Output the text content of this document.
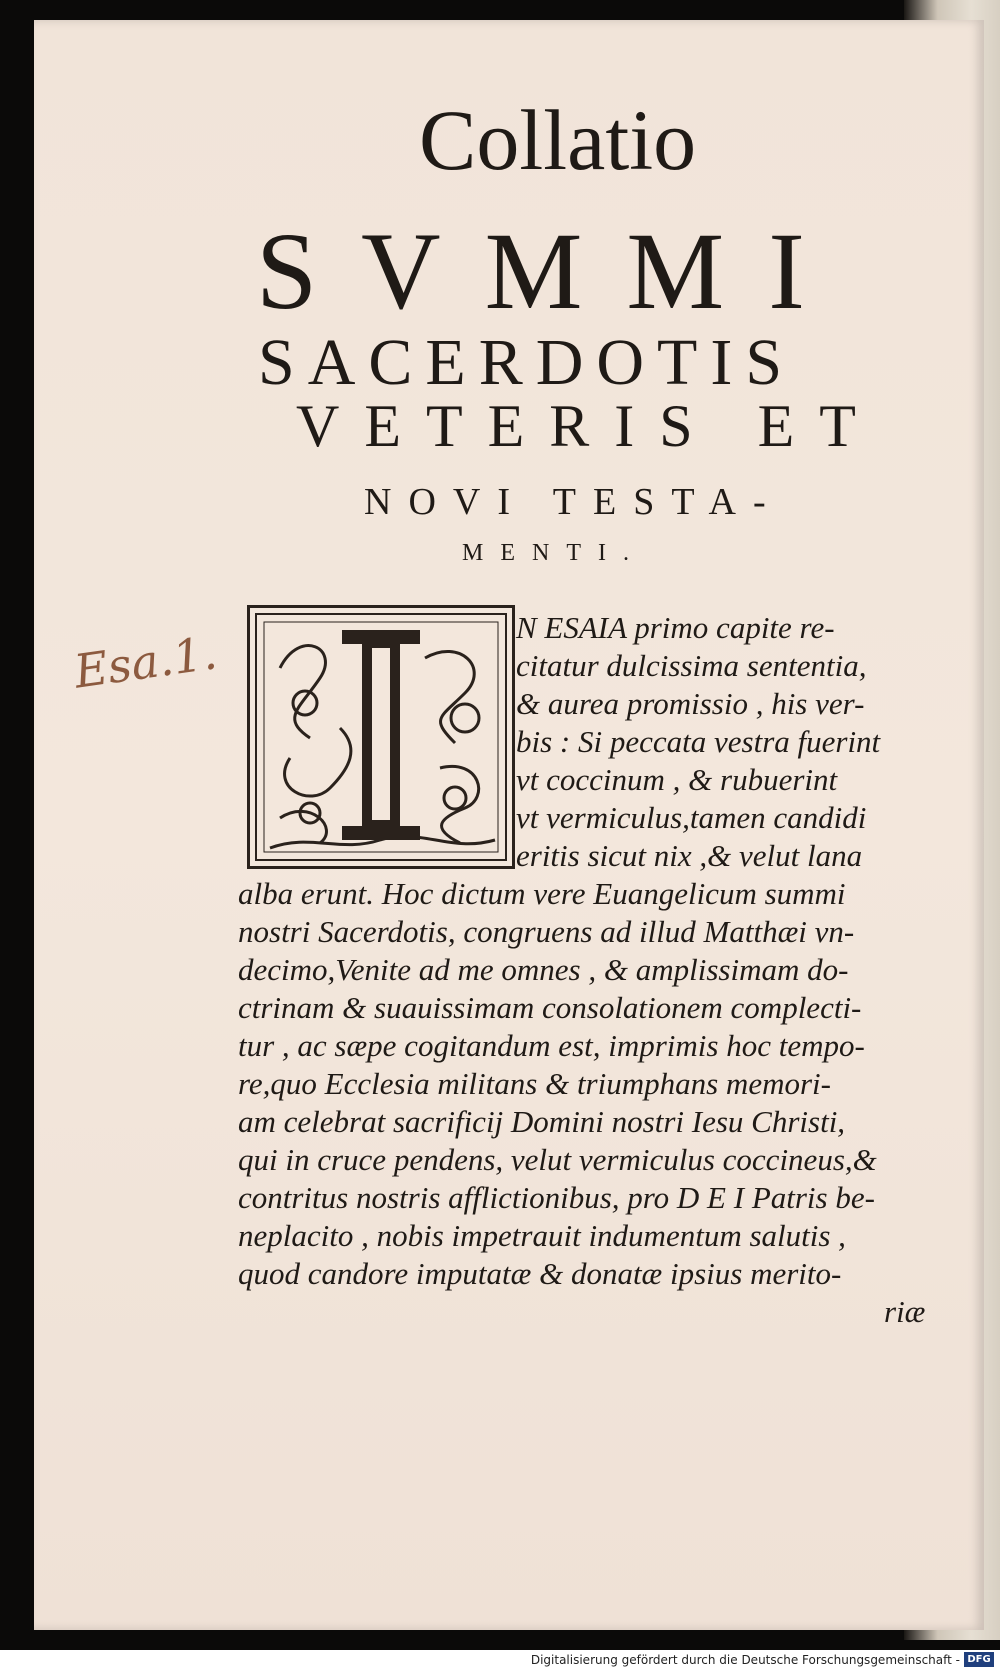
Collatio
SVMMI
SACERDOTIS
VETERIS ET
NOVI TESTA-
MENTI.
Esa.1.	N ESAIA primo capite re-
citatur dulcissima sententia,
& aurea promissio , his ver-
bis : Si peccata vestra fuerint
vt coccinum , & rubuerint
vt vermiculus,tamen candidi
eritis sicut nix ,& velut lana
alba erunt. Hoc dictum vere Euangelicum summi
nostri Sacerdotis, congruens ad illud Matthæi vn-
decimo,Venite ad me omnes , & amplissimam do-
ctrinam & suauissimam consolationem complecti-
tur , ac sæpe cogitandum est, imprimis hoc tempo-
re,quo Ecclesia militans & triumphans memori-
am celebrat sacrificij Domini nostri Iesu Christi,
qui in cruce pendens, velut vermiculus coccineus,&
contritus nostris afflictionibus, pro D E I Patris be-
neplacito , nobis impetrauit indumentum salutis ,
quod candore imputatæ & donatæ ipsius merito-
riæ
Digitalisierung gefördert durch die Deutsche Forschungsgemeinschaft - DFG
